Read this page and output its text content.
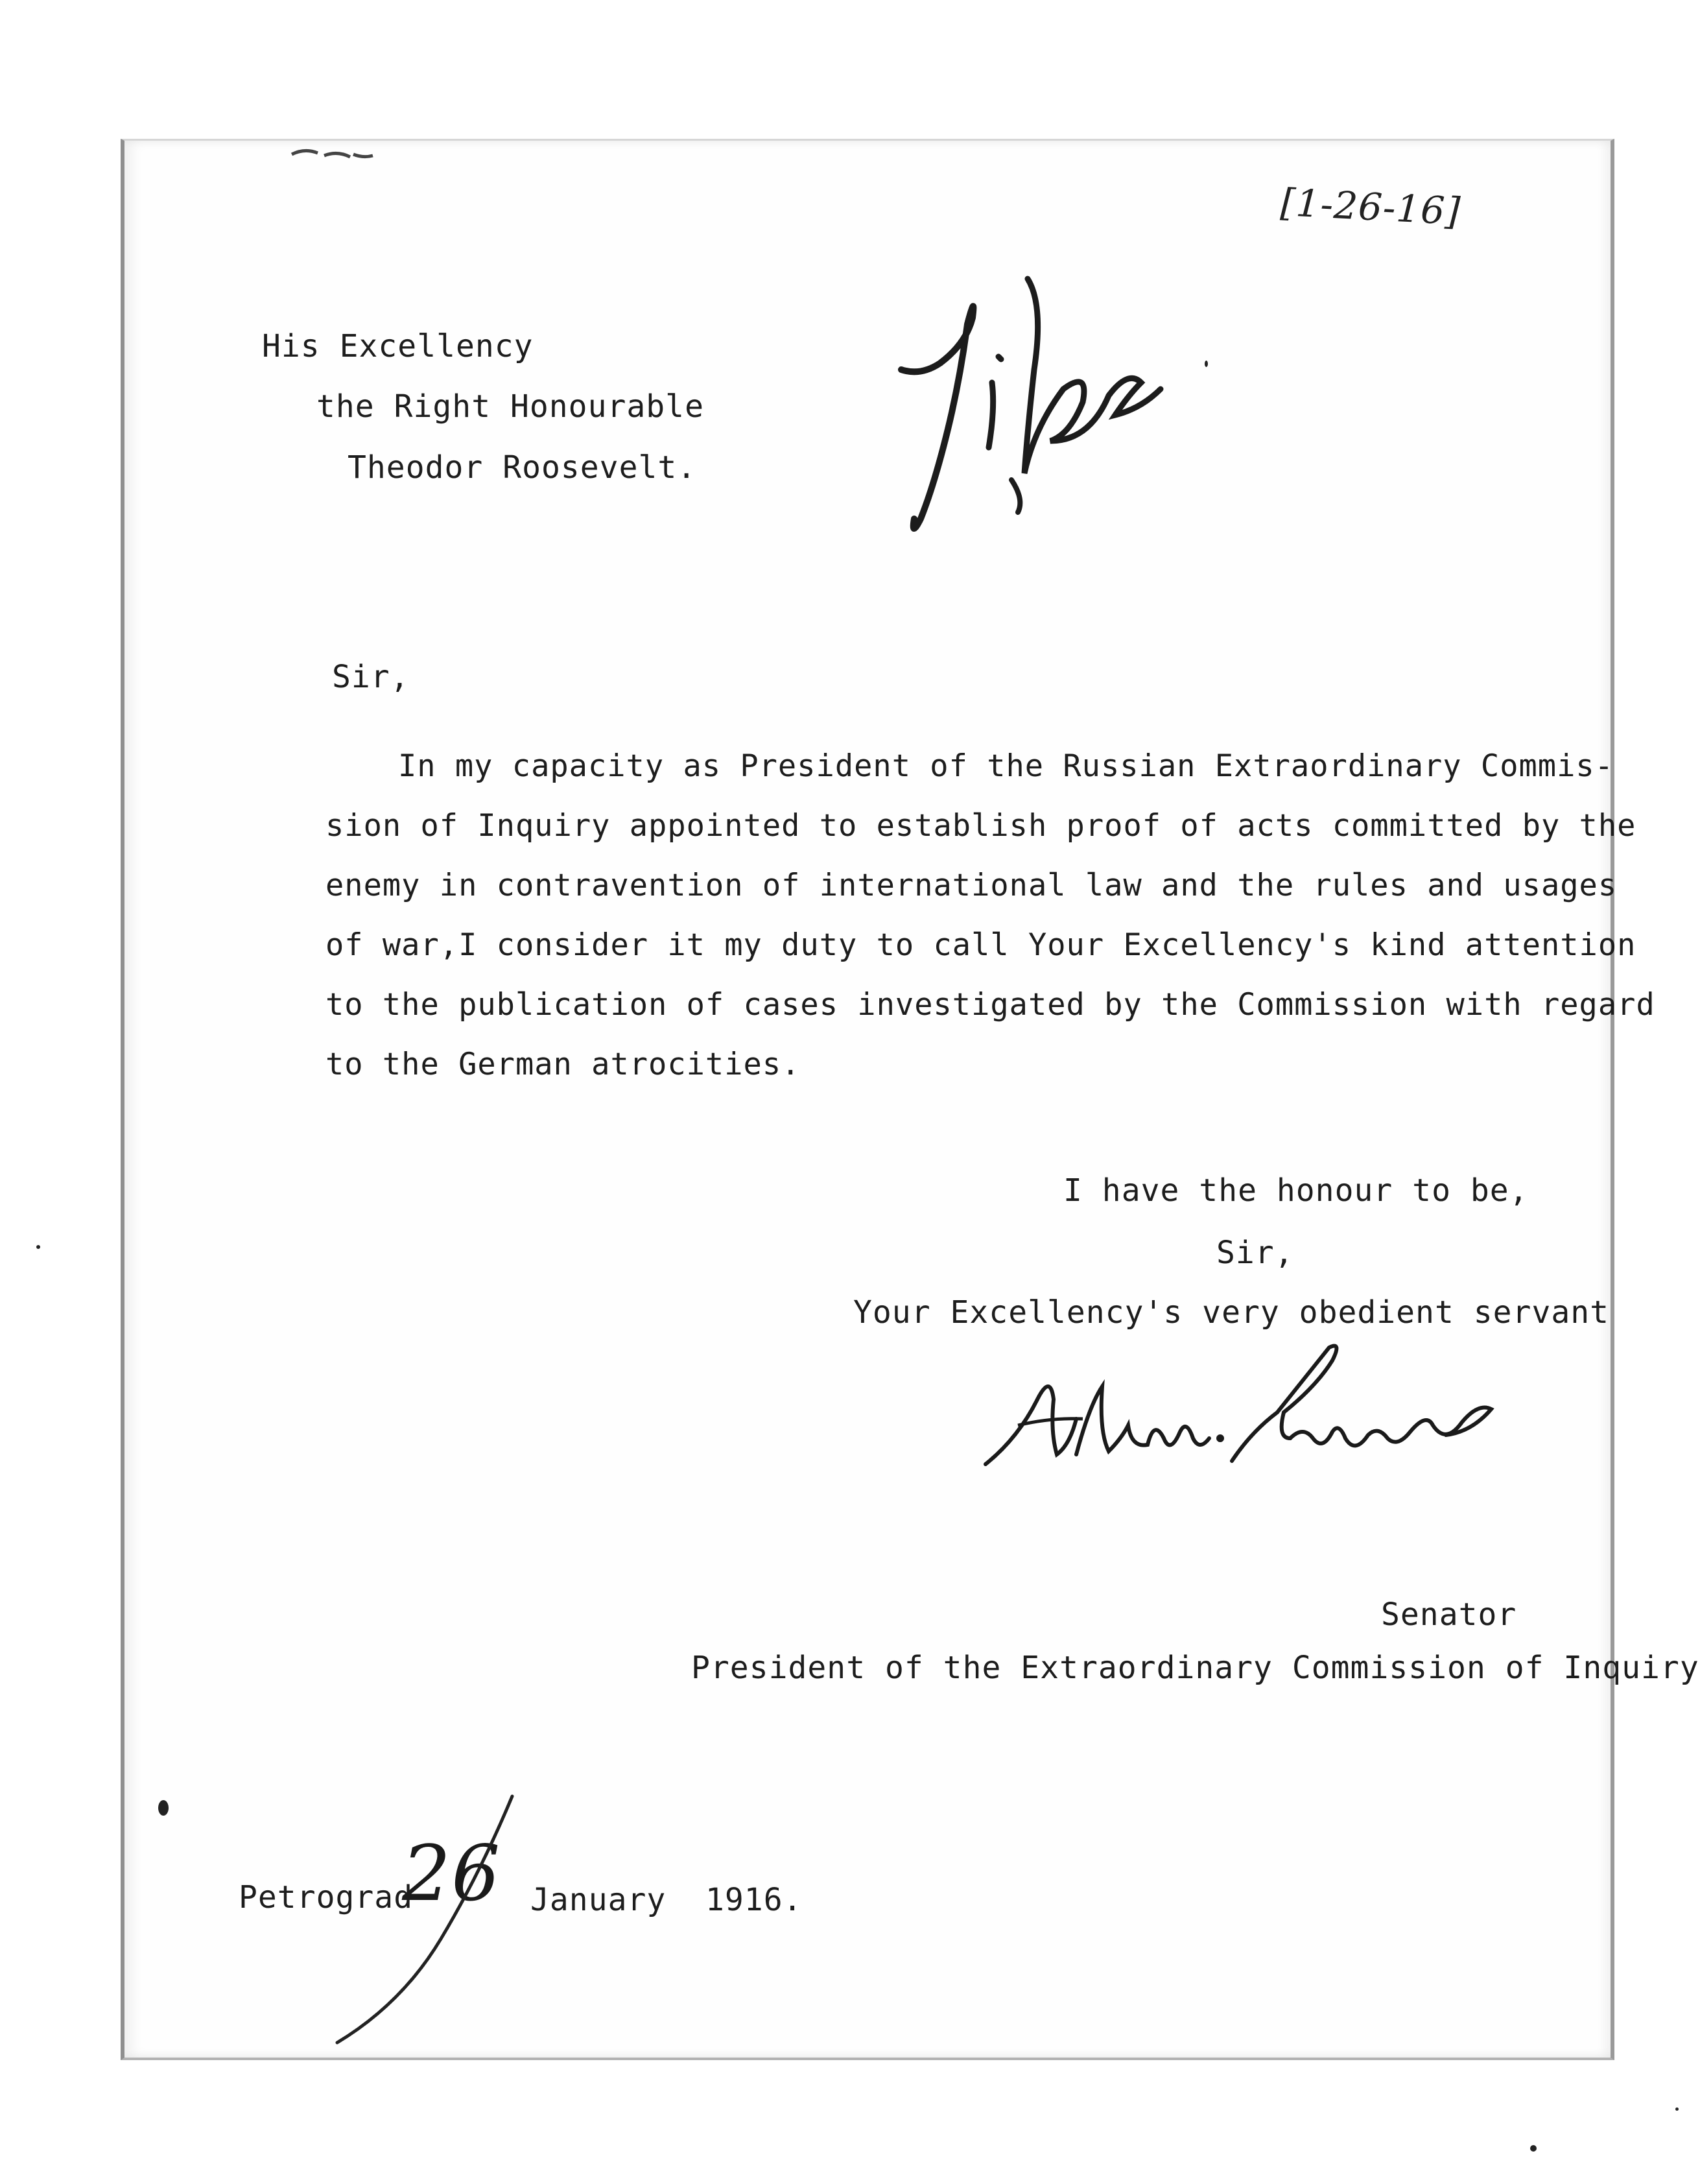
[1-26-16]
His Excellency
the Right Honourable
Theodor Roosevelt.
Sir,
In my capacity as President of the Russian Extraordinary Commis-
sion of Inquiry appointed to establish proof of acts committed by the
enemy in contravention of international law and the rules and usages
of war,I consider it my duty to call Your Excellency's kind attention
to the publication of cases investigated by the Commission with regard
to the German atrocities.
I have the honour to be,
Sir,
Your Excellency's very obedient servant
Senator
President of the Extraordinary Commission of Inquiry
Petrograd
26 January 1916.
